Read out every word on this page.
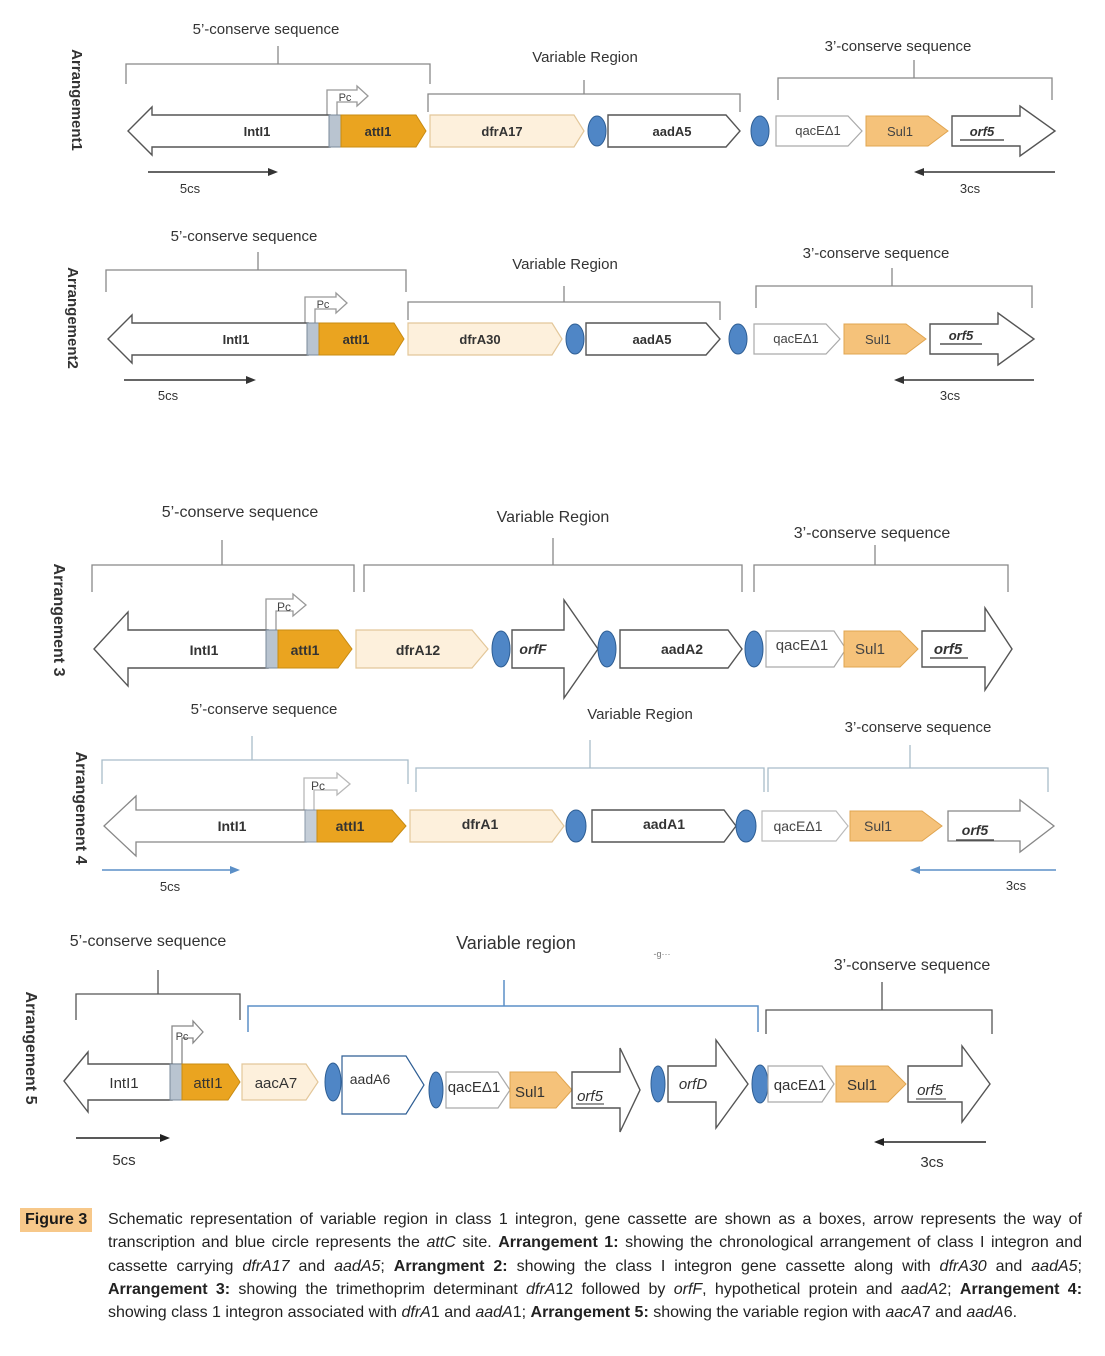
Arrangement1
5’-conserve sequence
Variable Region
3’-conserve sequence
Pc
IntI1	attI1	dfrA17	aadA5	qacEΔ1	Sul1	orf5
5cs	3cs
Arrangement2
5’-conserve sequence
Variable Region
3’-conserve sequence
Pc
IntI1	attI1	dfrA30	aadA5	qacEΔ1	Sul1	orf5
5cs	3cs
Arrangement 3
5’-conserve sequence	Variable Region
3’-conserve sequence
Pc
IntI1	attI1	dfrA12	orfF	aadA2	qacEΔ1 Sul1	orf5
Arrangement 4
5’-conserve sequence	Variable Region
3’-conserve sequence
Pc
IntI1	attI1	dfrA1	aadA1	qacEΔ1	Sul1	orf5
5cs	3cs
Arrangement 5
5’-conserve sequence	Variable region
-g···
3’-conserve sequence
Pc
IntI1	attI1 aacA7	aadA6	qacEΔ1 Sul1 orf5
orfD	qacEΔ1 Sul1	orf5
5cs	3cs
Figure 3	Schematic representation of variable region in class 1 integron, gene cassette are shown as a boxes, arrow represents the way of transcription and blue circle represents the attC site. Arrangement 1: showing the chronological arrangement of class I integron and cassette carrying dfrA17 and aadA5; Arrangment 2: showing the class I integron gene cassette along with dfrA30 and aadA5; Arrangement 3: showing the trimethoprim determinant dfrA12 followed by orfF, hypothetical protein and aadA2; Arrangement 4: showing class 1 integron associated with dfrA1 and aadA1; Arrangement 5: showing the variable region with aacA7 and aadA6.
